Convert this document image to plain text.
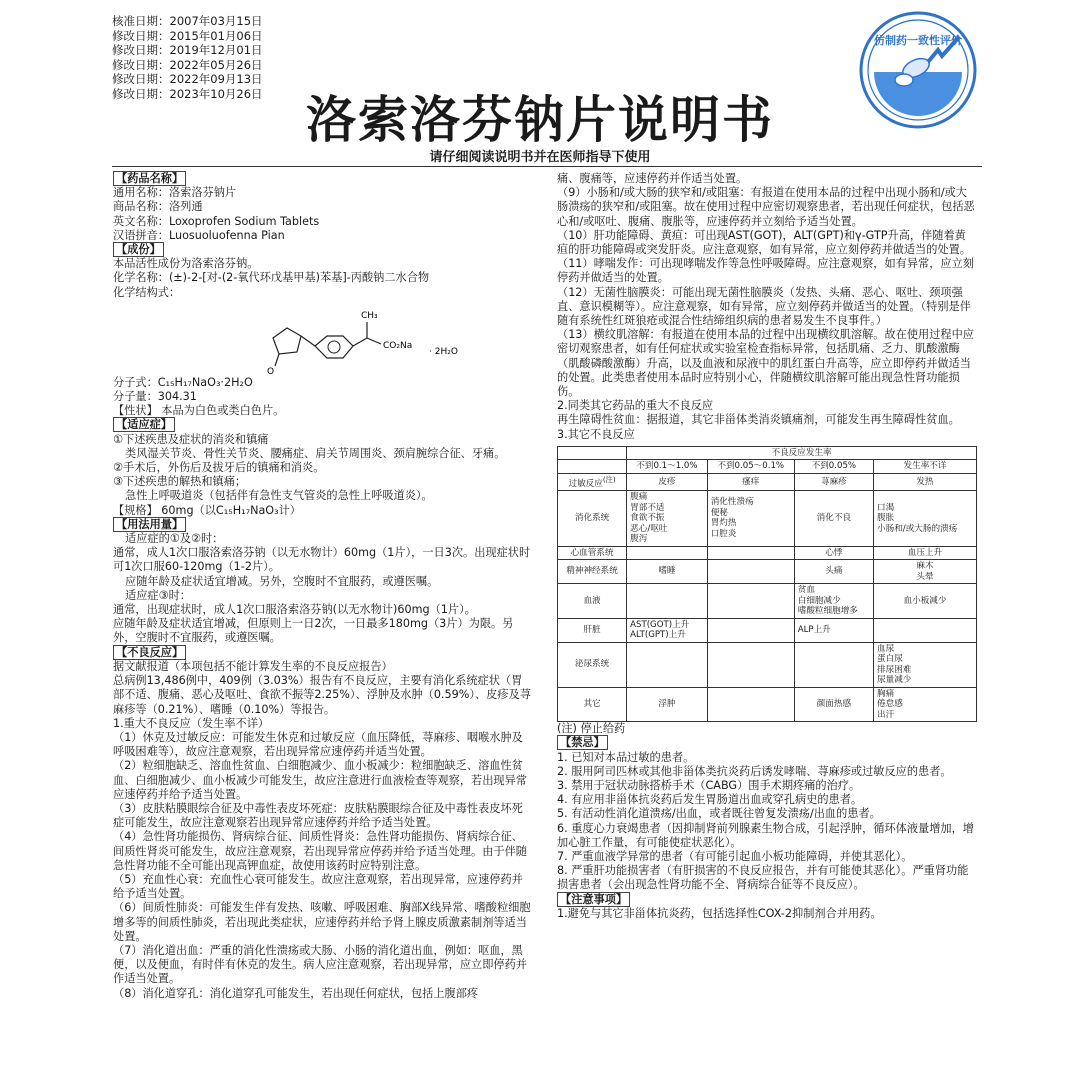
核准日期：2007年03月15日
修改日期：2015年01月06日
修改日期：2019年12月01日
修改日期：2022年05月26日
修改日期：2022年09月13日
修改日期：2023年10月26日
仿制药一致性评价
洛索洛芬钠片说明书
请仔细阅读说明书并在医师指导下使用

【药品名称】

通用名称：洛索洛芬钠片

商品名称：洛列通

英文名称：Loxoprofen Sodium Tablets

汉语拼音：Luosuoluofenna Pian

【成份】

本品活性成份为洛索洛芬钠。

化学名称：(±)-2-[对-(2-氧代环戊基甲基)苯基]-丙酸钠二水合物

化学结构式：

O
CH₃
CO₂Na
· 2H₂O

分子式：C₁₅H₁₇NaO₃·2H₂O

分子量：304.31

【性状】 本品为白色或类白色片。

【适应症】

①下述疾患及症状的消炎和镇痛

类风湿关节炎、骨性关节炎、腰痛症、肩关节周围炎、颈肩腕综合征、牙痛。

②手术后，外伤后及拔牙后的镇痛和消炎。

③下述疾患的解热和镇痛；

急性上呼吸道炎（包括伴有急性支气管炎的急性上呼吸道炎）。

【规格】 60mg（以C₁₅H₁₇NaO₃计）

【用法用量】

适应症的①及②时：

通常，成人1次口服洛索洛芬钠（以无水物计）60mg（1片），一日3次。出现症状时可1次口服60-120mg（1-2片）。

应随年龄及症状适宜增减。另外，空腹时不宜服药，或遵医嘱。

适应症③时：

通常，出现症状时，成人1次口服洛索洛芬钠(以无水物计)60mg（1片）。

应随年龄及症状适宜增减，但原则上一日2次，一日最多180mg（3片）为限。另外，空腹时不宜服药，或遵医嘱。

【不良反应】

据文献报道（本项包括不能计算发生率的不良反应报告）

总病例13,486例中，409例（3.03%）报告有不良反应，主要有消化系统症状（胃部不适、腹痛、恶心及呕吐、食欲不振等2.25%）、浮肿及水肿（0.59%）、皮疹及荨麻疹等（0.21%）、嗜睡（0.10%）等报告。

1.重大不良反应（发生率不详）

（1）休克及过敏反应：可能发生休克和过敏反应（血压降低，荨麻疹、咽喉水肿及呼吸困难等），故应注意观察，若出现异常应速停药并适当处置。

（2）粒细胞缺乏、溶血性贫血、白细胞减少、血小板减少：粒细胞缺乏、溶血性贫血、白细胞减少、血小板减少可能发生，故应注意进行血液检查等观察，若出现异常应速停药并给予适当处置。

（3）皮肤粘膜眼综合征及中毒性表皮坏死症：皮肤粘膜眼综合征及中毒性表皮坏死症可能发生，故应注意观察若出现异常应速停药并给予适当处置。

（4）急性肾功能损伤、肾病综合征、间质性肾炎：急性肾功能损伤、肾病综合征、间质性肾炎可能发生，故应注意观察，若出现异常应停药并给予适当处理。由于伴随急性肾功能不全可能出现高钾血症，故使用该药时应特别注意。

（5）充血性心衰：充血性心衰可能发生。故应注意观察，若出现异常，应速停药并给予适当处置。

（6）间质性肺炎：可能发生伴有发热、咳嗽、呼吸困难、胸部X线异常、嗜酸粒细胞增多等的间质性肺炎，若出现此类症状，应速停药并给予肾上腺皮质激素制剂等适当处置。

（7）消化道出血：严重的消化性溃疡或大肠、小肠的消化道出血，例如：呕血，黑便，以及便血，有时伴有休克的发生。病人应注意观察，若出现异常，应立即停药并作适当处置。

（8）消化道穿孔：消化道穿孔可能发生，若出现任何症状，包括上腹部疼

痛、腹痛等，应速停药并作适当处置。

（9）小肠和/或大肠的狭窄和/或阻塞：有报道在使用本品的过程中出现小肠和/或大肠溃疡的狭窄和/或阻塞。故在使用过程中应密切观察患者，若出现任何症状，包括恶心和/或呕吐、腹痛、腹胀等，应速停药并立刻给予适当处置。

（10）肝功能障碍、黄疸：可出现AST(GOT)，ALT(GPT)和γ-GTP升高，伴随着黄疸的肝功能障碍或突发肝炎。应注意观察，如有异常，应立刻停药并做适当的处置。

（11）哮喘发作：可出现哮喘发作等急性呼吸障碍。应注意观察，如有异常，应立刻停药并做适当的处置。

（12）无菌性脑膜炎：可能出现无菌性脑膜炎（发热、头痛、恶心、呕吐、颈项强直、意识模糊等）。应注意观察，如有异常，应立刻停药并做适当的处置。（特别是伴随有系统性红斑狼疮或混合性结缔组织病的患者易发生不良事件。）

（13）横纹肌溶解：有报道在使用本品的过程中出现横纹肌溶解。故在使用过程中应密切观察患者，如有任何症状或实验室检查指标异常，包括肌痛、乏力、肌酸激酶（肌酸磷酸激酶）升高，以及血液和尿液中的肌红蛋白升高等，应立即停药并做适当的处置。此类患者使用本品时应特别小心，伴随横纹肌溶解可能出现急性肾功能损伤。

2.同类其它药品的重大不良反应

再生障碍性贫血：据报道，其它非甾体类消炎镇痛剂，可能发生再生障碍性贫血。

3.其它不良反应

	不良反应发生率			
	不到0.1～1.0%	不到0.05～0.1%	不到0.05%	发生率不详
过敏反应$^{(注)}$	皮疹	瘙痒	荨麻疹	发热
消化系统	腹痛
胃部不适
食欲不振
恶心/呕吐
腹泻	消化性溃疡
便秘
胃灼热
口腔炎	消化不良	口渴
腹胀
小肠和/或大肠的溃疡
心血管系统			心悸	血压上升
精神神经系统	嗜睡		头痛	麻木
头晕
血液			贫血
白细胞减少
嗜酸粒细胞增多	血小板减少
肝脏	AST(GOT)上升
ALT(GPT)上升		ALP上升	
泌尿系统				血尿
蛋白尿
排尿困难
尿量减少
其它	浮肿		颜面热感	胸痛
倦怠感
出汗

(注) 停止给药

【禁忌】

1. 已知对本品过敏的患者。

2. 服用阿司匹林或其他非甾体类抗炎药后诱发哮喘、荨麻疹或过敏反应的患者。

3. 禁用于冠状动脉搭桥手术（CABG）围手术期疼痛的治疗。

4. 有应用非甾体抗炎药后发生胃肠道出血或穿孔病史的患者。

5. 有活动性消化道溃疡/出血，或者既往曾复发溃疡/出血的患者。

6. 重度心力衰竭患者（因抑制肾前列腺素生物合成，引起浮肿，循环体液量增加，增加心脏工作量，有可能使症状恶化）。

7. 严重血液学异常的患者（有可能引起血小板功能障碍，并使其恶化）。

8. 严重肝功能损害者（有肝损害的不良反应报告，并有可能使其恶化）。严重肾功能损害患者（会出现急性肾功能不全、肾病综合征等不良反应）。

【注意事项】

1.避免与其它非甾体抗炎药，包括选择性COX-2抑制剂合并用药。
